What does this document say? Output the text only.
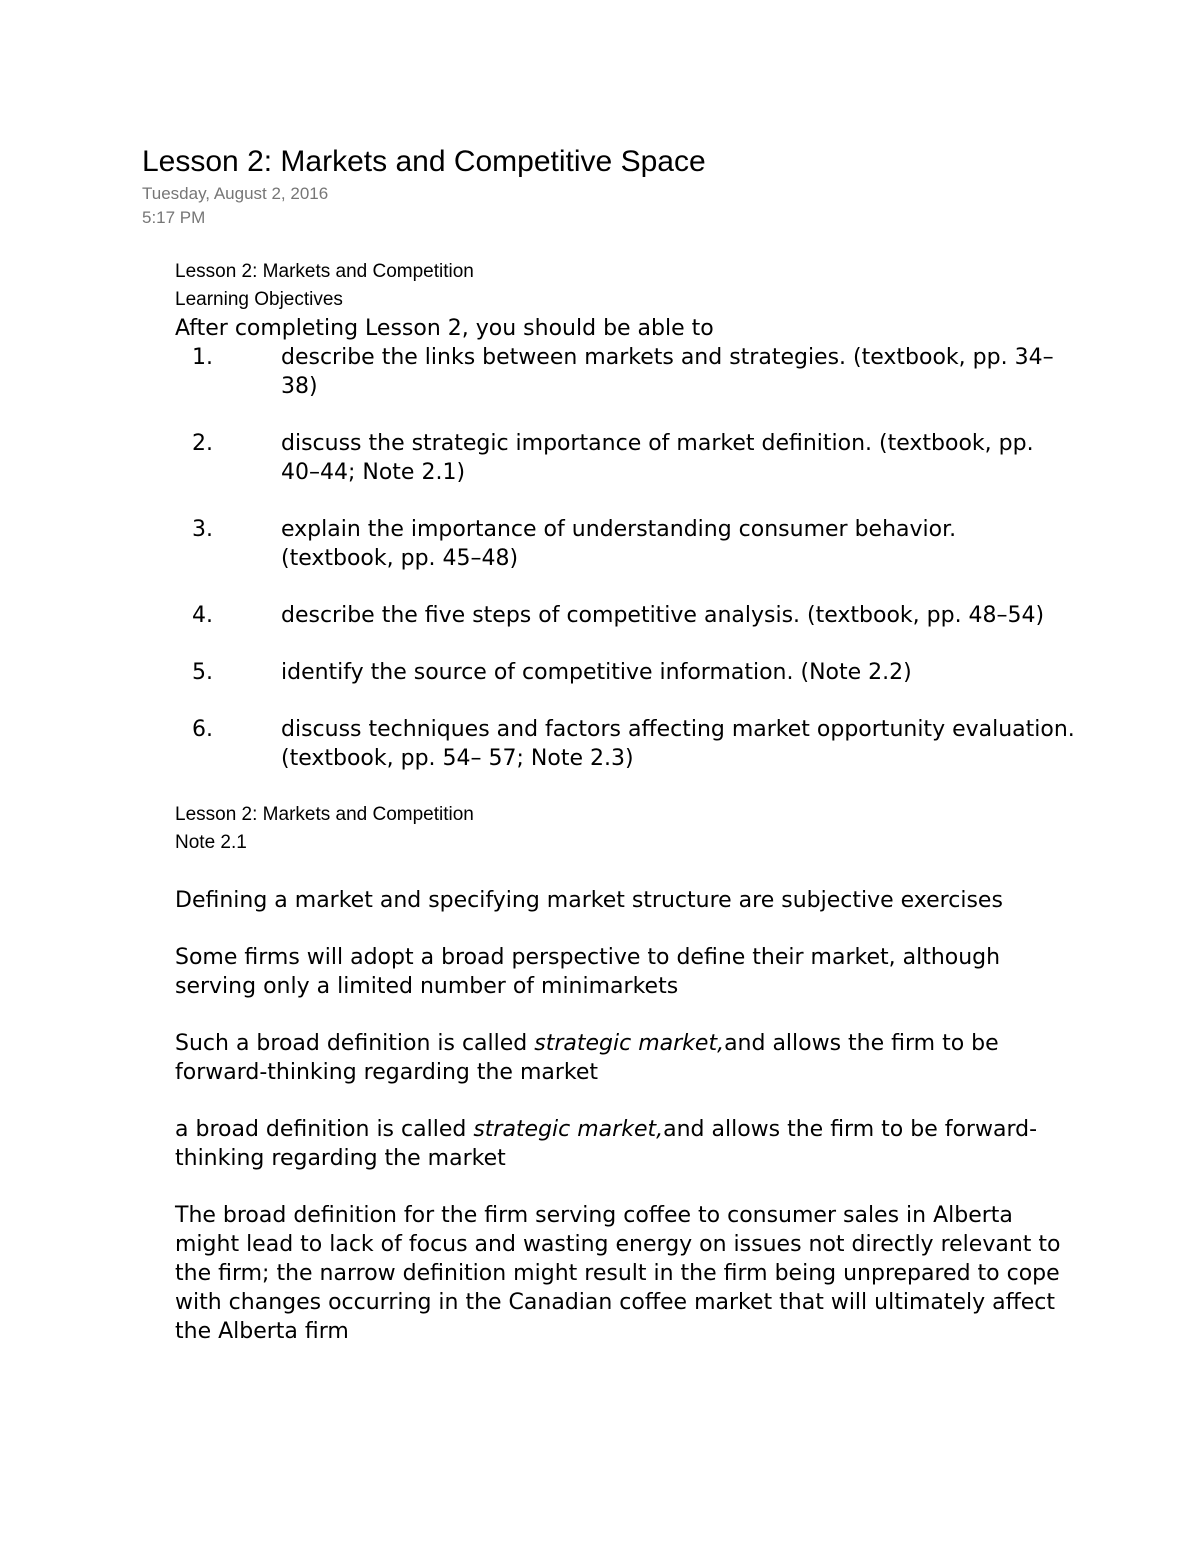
Lesson 2: Markets and Competitive Space
Tuesday, August 2, 2016
5:17 PM

Lesson 2: Markets and Competition

Learning Objectives

After completing Lesson 2, you should be able to

1.	describe the links between markets and strategies. (textbook, pp. 34–38)
2.	discuss the strategic importance of market definition. (textbook, pp. 40–44; Note 2.1)
3.	explain the importance of understanding consumer behavior. (textbook, pp. 45–48)
4.	describe the five steps of competitive analysis. (textbook, pp. 48–54)
5.	identify the source of competitive information. (Note 2.2)
6.	discuss techniques and factors affecting market opportunity evaluation. (textbook, pp. 54– 57; Note 2.3)

Lesson 2: Markets and Competition

Note 2.1

Defining a market and specifying market structure are subjective exercises

Some firms will adopt a broad perspective to define their market, although serving only a limited number of minimarkets

Such a broad definition is called strategic market,and allows the firm to be forward-thinking regarding the market

a broad definition is called strategic market,and allows the firm to be forward-thinking regarding the market

The broad definition for the firm serving coffee to consumer sales in Alberta might lead to lack of focus and wasting energy on issues not directly relevant to the firm; the narrow definition might result in the firm being unprepared to cope with changes occurring in the Canadian coffee market that will ultimately affect the Alberta firm
